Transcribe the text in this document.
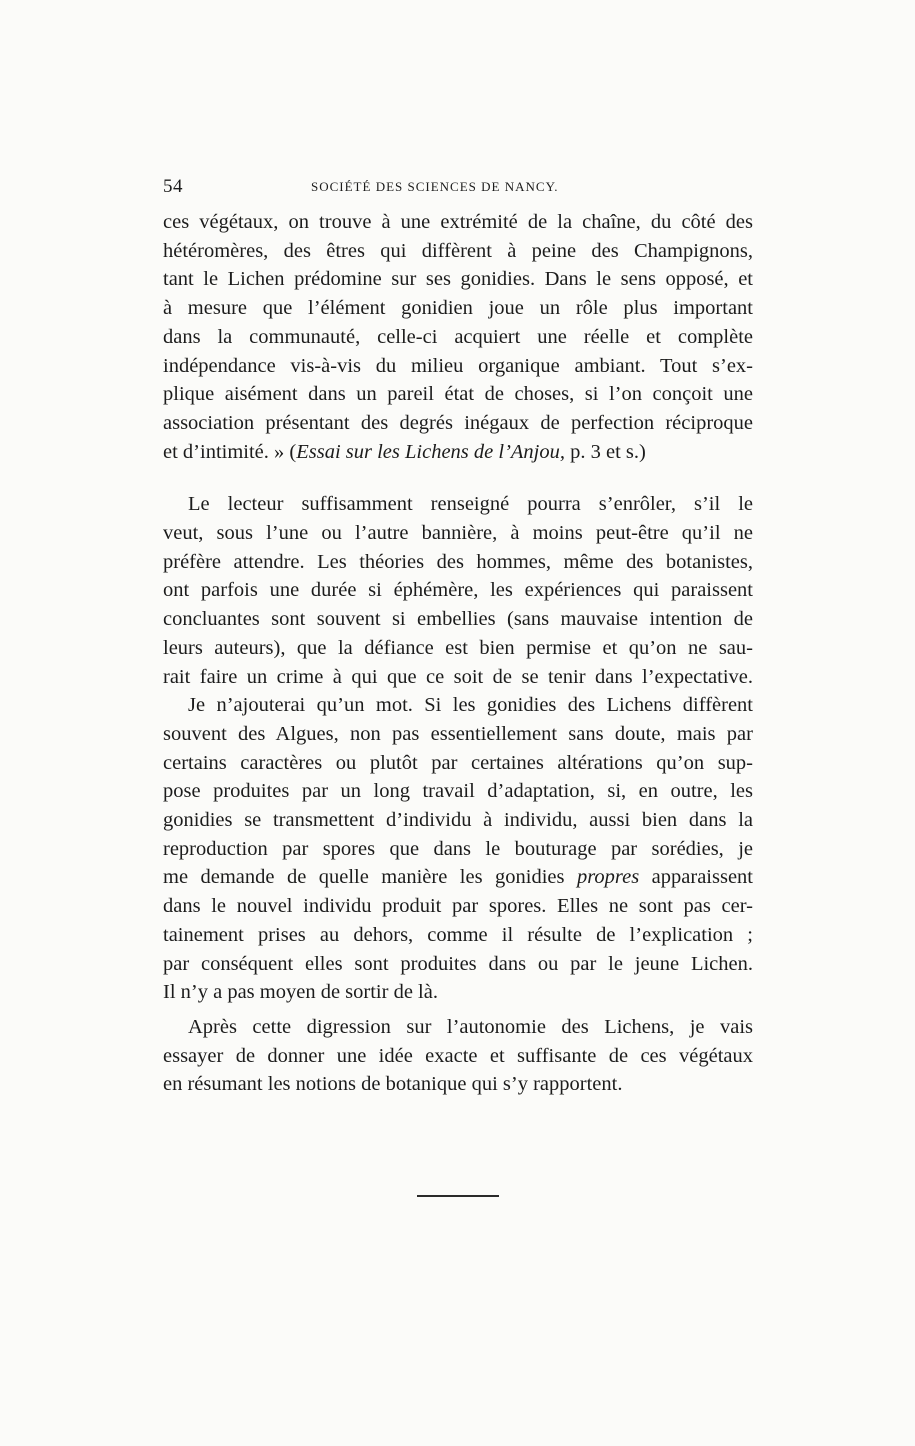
54	SOCIÉTÉ DES SCIENCES DE NANCY.
ces végétaux, on trouve à une extrémité de la chaîne, du côté des
hétéromères, des êtres qui diffèrent à peine des Champignons,
tant le Lichen prédomine sur ses gonidies. Dans le sens opposé, et
à mesure que l’élément gonidien joue un rôle plus important
dans la communauté, celle-ci acquiert une réelle et complète
indépendance vis-à-vis du milieu organique ambiant. Tout s’ex-
plique aisément dans un pareil état de choses, si l’on conçoit une
association présentant des degrés inégaux de perfection réciproque
et d’intimité. » (Essai sur les Lichens de l’Anjou, p. 3 et s.)
Le lecteur suffisamment renseigné pourra s’enrôler, s’il le
veut, sous l’une ou l’autre bannière, à moins peut-être qu’il ne
préfère attendre. Les théories des hommes, même des botanistes,
ont parfois une durée si éphémère, les expériences qui paraissent
concluantes sont souvent si embellies (sans mauvaise intention de
leurs auteurs), que la défiance est bien permise et qu’on ne sau-
rait faire un crime à qui que ce soit de se tenir dans l’expectative.
Je n’ajouterai qu’un mot. Si les gonidies des Lichens diffèrent
souvent des Algues, non pas essentiellement sans doute, mais par
certains caractères ou plutôt par certaines altérations qu’on sup-
pose produites par un long travail d’adaptation, si, en outre, les
gonidies se transmettent d’individu à individu, aussi bien dans la
reproduction par spores que dans le bouturage par sorédies, je
me demande de quelle manière les gonidies propres apparaissent
dans le nouvel individu produit par spores. Elles ne sont pas cer-
tainement prises au dehors, comme il résulte de l’explication ;
par conséquent elles sont produites dans ou par le jeune Lichen.
Il n’y a pas moyen de sortir de là.
Après cette digression sur l’autonomie des Lichens, je vais
essayer de donner une idée exacte et suffisante de ces végétaux
en résumant les notions de botanique qui s’y rapportent.
